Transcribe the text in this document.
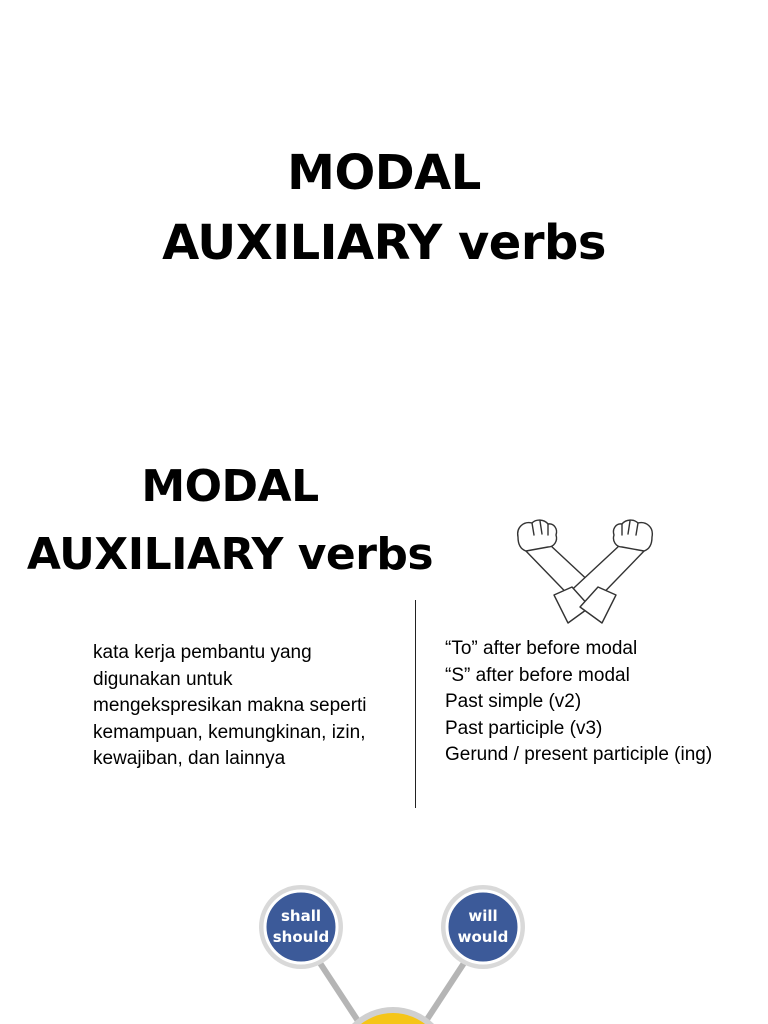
MODAL
AUXILIARY verbs
MODAL
AUXILIARY verbs
kata kerja pembantu yang
digunakan untuk
mengekspresikan makna seperti
kemampuan, kemungkinan, izin,
kewajiban, dan lainnya
“To” after before modal
“S” after before modal
Past simple (v2)
Past participle (v3)
Gerund / present participle (ing)
shall
should
will
would
